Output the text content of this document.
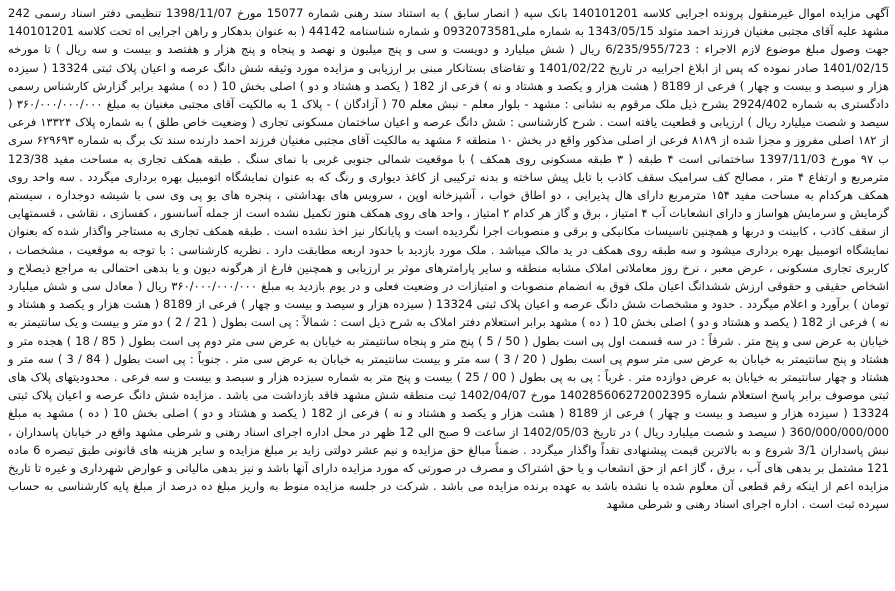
آگهی مزایده اموال غیرمنقول پرونده اجرایی کلاسه 140101201 بانک سپه ( انصار سابق ) به استناد سند رهنی شماره 15077 مورخ 1398/11/07 تنظیمی دفتر اسناد رسمی 242 مشهد علیه آقای مجتبی مغنیان فرزند احمد متولد 1343/05/15 به شماره ملی0932073581 و شماره شناسنامه 44142 ( به عنوان بدهکار و راهن اجرایی اه تحت کلاسه 140101201 جهت وصول مبلغ موضوع لازم الاجراء : 6/235/955/723 ریال ( شش میلیارد و دویست و سی و پنج میلیون و نهصد و پنجاه و پنج هزار و هفتصد و بیست و سه ریال ) تا مورخه 1401/02/15 صادر نموده که پس از ابلاغ اجراییه در تاریخ 1401/02/22 و تقاضای بستانکار مبنی بر ارزیابی و مزایده مورد وثیقه شش دانگ عرصه و اعیان پلاک ثبتی 13324 ( سیزده هزار و سیصد و بیست و چهار ) فرعی از 8189 ( هشت هزار و یکصد و هشتاد و نه ) فرعی از 182 ( یکصد و هشتاد و دو ) اصلی بخش 10 ( ده ) مشهد برابر گزارش کارشناس رسمی دادگستری به شماره 2924/402 بشرح ذیل ملک مرقوم به نشانی : مشهد - بلوار معلم - نبش معلم 70 ( آزادگان ) - پلاک 1 به مالکیت آقای مجتبی مغنیان به مبلغ ۳۶۰/۰۰۰/۰۰۰/۰۰۰ ( سیصد و شصت میلیارد ریال ) ارزیابی و قطعیت یافته است . شرح کارشناسی : شش دانگ عرصه و اعیان ساختمان مسکونی تجاری ( وضعیت خاص طلق ) به شماره پلاک ۱۳۳۲۴ فرعی از ۱۸۲ اصلی مفروز و مجزا شده از ۸۱۸۹ فرعی از اصلی مذکور واقع در بخش ۱۰ منطقه ۶ مشهد به مالکیت آقای مجتبی مغنیان فرزند احمد دارنده سند تک برگ به شماره ۶۲۹۶۹۳ سری ب ۹۷ مورخ 1397/11/03 ساختمانی است ۴ طبقه ( ۳ طبقه مسکونی روی همکف ) با موقعیت شمالی جنوبی غربی با نمای سنگ . طبقه همکف تجاری به مساحت مفید 123/38 مترمربع و ارتفاع ۴ متر ، مصالح کف سرامیک سقف کاذب با تایل پیش ساخته و بدنه ترکیبی از کاغذ دیواری و رنگ که به عنوان نمایشگاه اتومبیل بهره برداری میگردد . سه واحد روی همکف هرکدام به مساحت مفید ۱۵۴ مترمربع دارای هال پذیرایی ، دو اطاق خواب ، آشپزخانه اوپن ، سرویس های بهداشتی ، پنجره های یو پی وی سی با شیشه دوجداره ، سیستم گرمایش و سرمایش هواساز و دارای انشعابات آب ۴ امتیاز ، برق و گاز هر کدام ۲ امتیاز ، واحد های روی همکف هنوز تکمیل نشده است از جمله آسانسور ، کفسازی ، نقاشی ، قسمتهایی از سقف کاذب ، کابینت و دربها و همچنین تاسیسات مکانیکی و برقی و منصوبات اجرا نگردیده است و پایانکار نیز اخذ نشده است . طبقه همکف تجاری به مستاجر واگذار شده که بعنوان نمایشگاه اتومبیل بهره برداری میشود و سه طبقه روی همکف در ید مالک میباشد . ملک مورد بازدید با حدود اربعه مطابقت دارد . نظریه کارشناسی : با توجه به موقعیت ، مشخصات ، کاربری تجاری مسکونی ، عرض معبر ، نرخ روز معاملاتی املاک مشابه منطقه و سایر پارامترهای موثر بر ارزیابی و همچنین فارغ از هرگونه دیون و یا بدهی احتمالی به مراجع ذیصلاح و اشخاص حقیقی و حقوقی ارزش ششدانگ اعیان ملک فوق به انضمام منصوبات و امتیازات در وضعیت فعلی و در یوم بازدید به مبلغ ۳۶۰/۰۰۰/۰۰۰/۰۰۰ ریال ( معادل سی و شش میلیارد تومان ) برآورد و اعلام میگردد . حدود و مشخصات شش دانگ عرصه و اعیان پلاک ثبتی 13324 ( سیزده هزار و سیصد و بیست و چهار ) فرعی از 8189 ( هشت هزار و یکصد و هشتاد و نه ) فرعی از 182 ( یکصد و هشتاد و دو ) اصلی بخش 10 ( ده ) مشهد برابر استعلام دفتر املاک به شرح ذیل است : شمالاً : پی است بطول ( 21 / 2 ) دو متر و بیست و یک سانتیمتر به خیابان به عرض سی و پنج متر . شرقاً : در سه قسمت اول پی است بطول ( 50 / 5 ) پنج متر و پنجاه سانتیمتر به خیابان به عرض سی متر دوم پی است بطول ( 85 / 18 ) هجده متر و هشتاد و پنج سانتیمتر به خیابان به عرض سی متر سوم پی است بطول ( 20 / 3 ) سه متر و بیست سانتیمتر به خیابان به عرض سی متر . جنوباً : پی است بطول ( 84 / 3 ) سه متر و هشتاد و چهار سانتیمتر به خیابان به عرض دوازده متر . غرباً : پی به پی بطول ( 00 / 25 ) بیست و پنج متر به شماره سیزده هزار و سیصد و بیست و سه فرعی . محدودیتهای پلاک های ثبتی موصوف برابر پاسخ استعلام شماره 140285606272002395 مورخ 1402/04/07 ثبت منطقه شش مشهد فاقد بازداشت می باشد . مزایده شش دانگ عرصه و اعیان پلاک ثبتی 13324 ( سیزده هزار و سیصد و بیست و چهار ) فرعی از 8189 ( هشت هزار و یکصد و هشتاد و نه ) فرعی از 182 ( یکصد و هشتاد و دو ) اصلی بخش 10 ( ده ) مشهد به مبلغ 360/000/000/000 ( سیصد و شصت میلیارد ریال ) در تاریخ 1402/05/03 از ساعت 9 صبح الی 12 ظهر در محل اداره اجرای اسناد رهنی و شرطی مشهد واقع در خیابان پاسداران ، نبش پاسداران 3/1 شروع و به بالاترین قیمت پیشنهادی نقداً واگذار میگردد . ضمناً مبالغ حق مزایده و نیم عشر دولتی زاید بر مبلغ مزایده و سایر هزینه های قانونی طبق تبصره 6 ماده 121 مشتمل بر بدهی های آب ، برق ، گاز اعم از حق انشعاب و یا حق اشتراک و مصرف در صورتی که مورد مزایده دارای آنها باشد و نیز بدهی مالیاتی و عوارض شهرداری و غیره تا تاریخ مزایده اعم از اینکه رقم قطعی آن معلوم شده یا نشده باشد به عهده برنده مزایده می باشد . شرکت در جلسه مزایده منوط به واریز مبلغ ده درصد از مبلغ پایه کارشناسی به حساب سپرده ثبت است . اداره اجرای اسناد رهنی و شرطی مشهد
